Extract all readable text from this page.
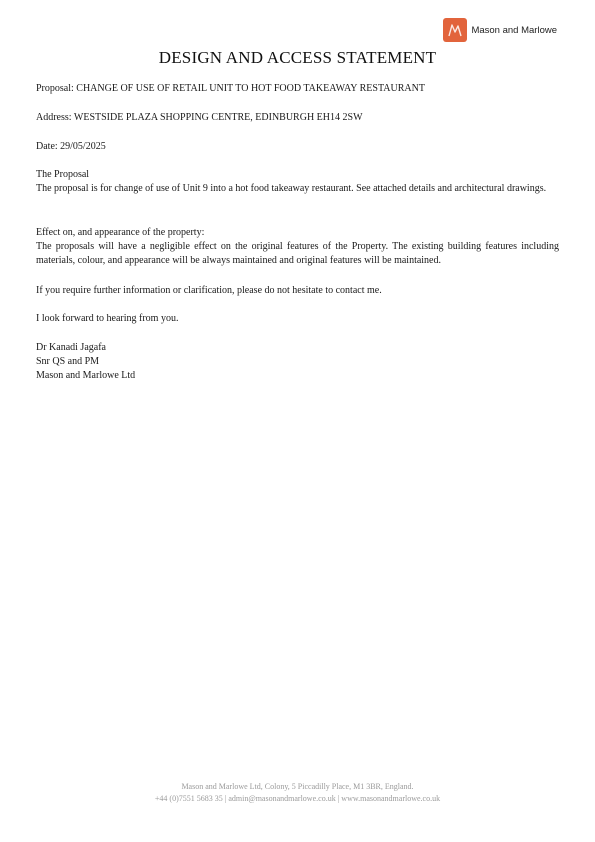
Mason and Marlowe
DESIGN AND ACCESS STATEMENT

Proposal: CHANGE OF USE OF RETAIL UNIT TO HOT FOOD TAKEAWAY RESTAURANT

Address: WESTSIDE PLAZA SHOPPING CENTRE, EDINBURGH EH14 2SW

Date: 29/05/2025

The Proposal

The proposal is for change of use of Unit 9 into a hot food takeaway restaurant. See attached details and architectural drawings.

Effect on, and appearance of the property:

The proposals will have a negligible effect on the original features of the Property. The existing building features including materials, colour, and appearance will be always maintained and original features will be maintained.

If you require further information or clarification, please do not hesitate to contact me.

I look forward to hearing from you.

Dr Kanadi Jagafa

Snr QS and PM

Mason and Marlowe Ltd

Mason and Marlowe Ltd, Colony, 5 Piccadilly Place, M1 3BR, England.
+44 (0)7551 5683 35 | admin@masonandmarlowe.co.uk | www.masonandmarlowe.co.uk
